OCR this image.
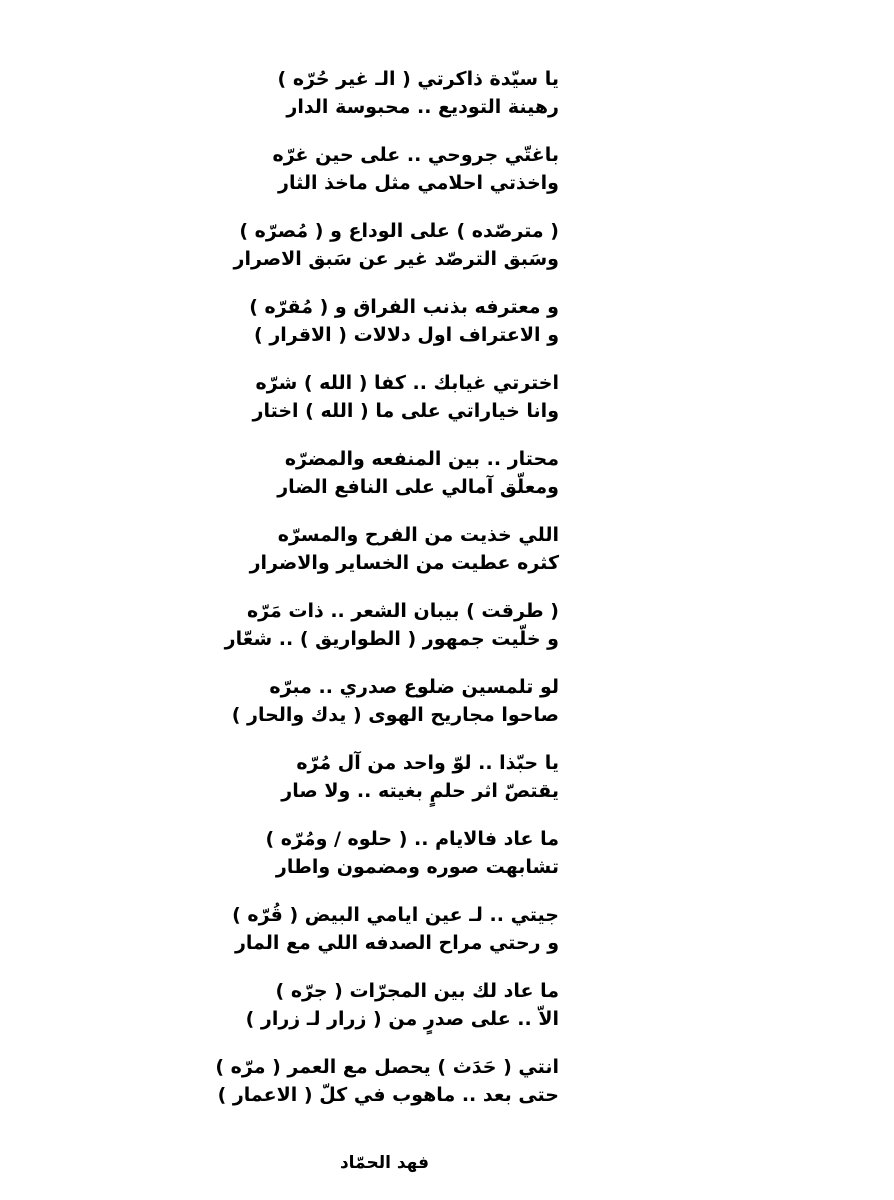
يا سيّدة ذاكرتي ( الـ غير حُرّه )
رهينة التوديع .. محبوسة الدار
باغتّي جروحي .. على حين غرّه
واخذتي احلامي مثل ماخذ الثار
( مترصّده ) على الوداع و ( مُصرّه )
وسَبق الترصّد غير عن سَبق الاصرار
و معترفه بذنب الفراق و ( مُقرّه )
و الاعتراف اول دلالات ( الاقرار )
اخترتي غيابك .. كفا ( الله ) شرّه
وانا خياراتي على ما ( الله ) اختار
محتار .. بين المنفعه والمضرّه
ومعلّق آمالي على النافع الضار
اللي خذيت من الفرح والمسرّه
كثره عطيت من الخساير والاضرار
( طرقت ) بيبان الشعر .. ذات مَرّه
و خلّيت جمهور ( الطواريق ) .. شعّار
لو تلمسين ضلوع صدري .. مبرّه
صاحوا مجاريح الهوى ( يدك والحار )
يا حبّذا .. لوّ واحد من آل مُرّه
يقتصّ اثر حلمٍ بغيته .. ولا صار
ما عاد فالايام .. ( حلوه / ومُرّه )
تشابهت صوره ومضمون واطار
جيتي .. لـ عين ايامي البيض ( قُرّه )
و رحتي مراح الصدفه اللي مع المار
ما عاد لك بين المجرّات ( جرّه )
الاّ .. على صدرٍ من ( زرار لـ زرار )
انتي ( حَدَث ) يحصل مع العمر ( مرّه )
حتى بعد .. ماهوب في كلّ ( الاعمار )
فهد الحمّاد
